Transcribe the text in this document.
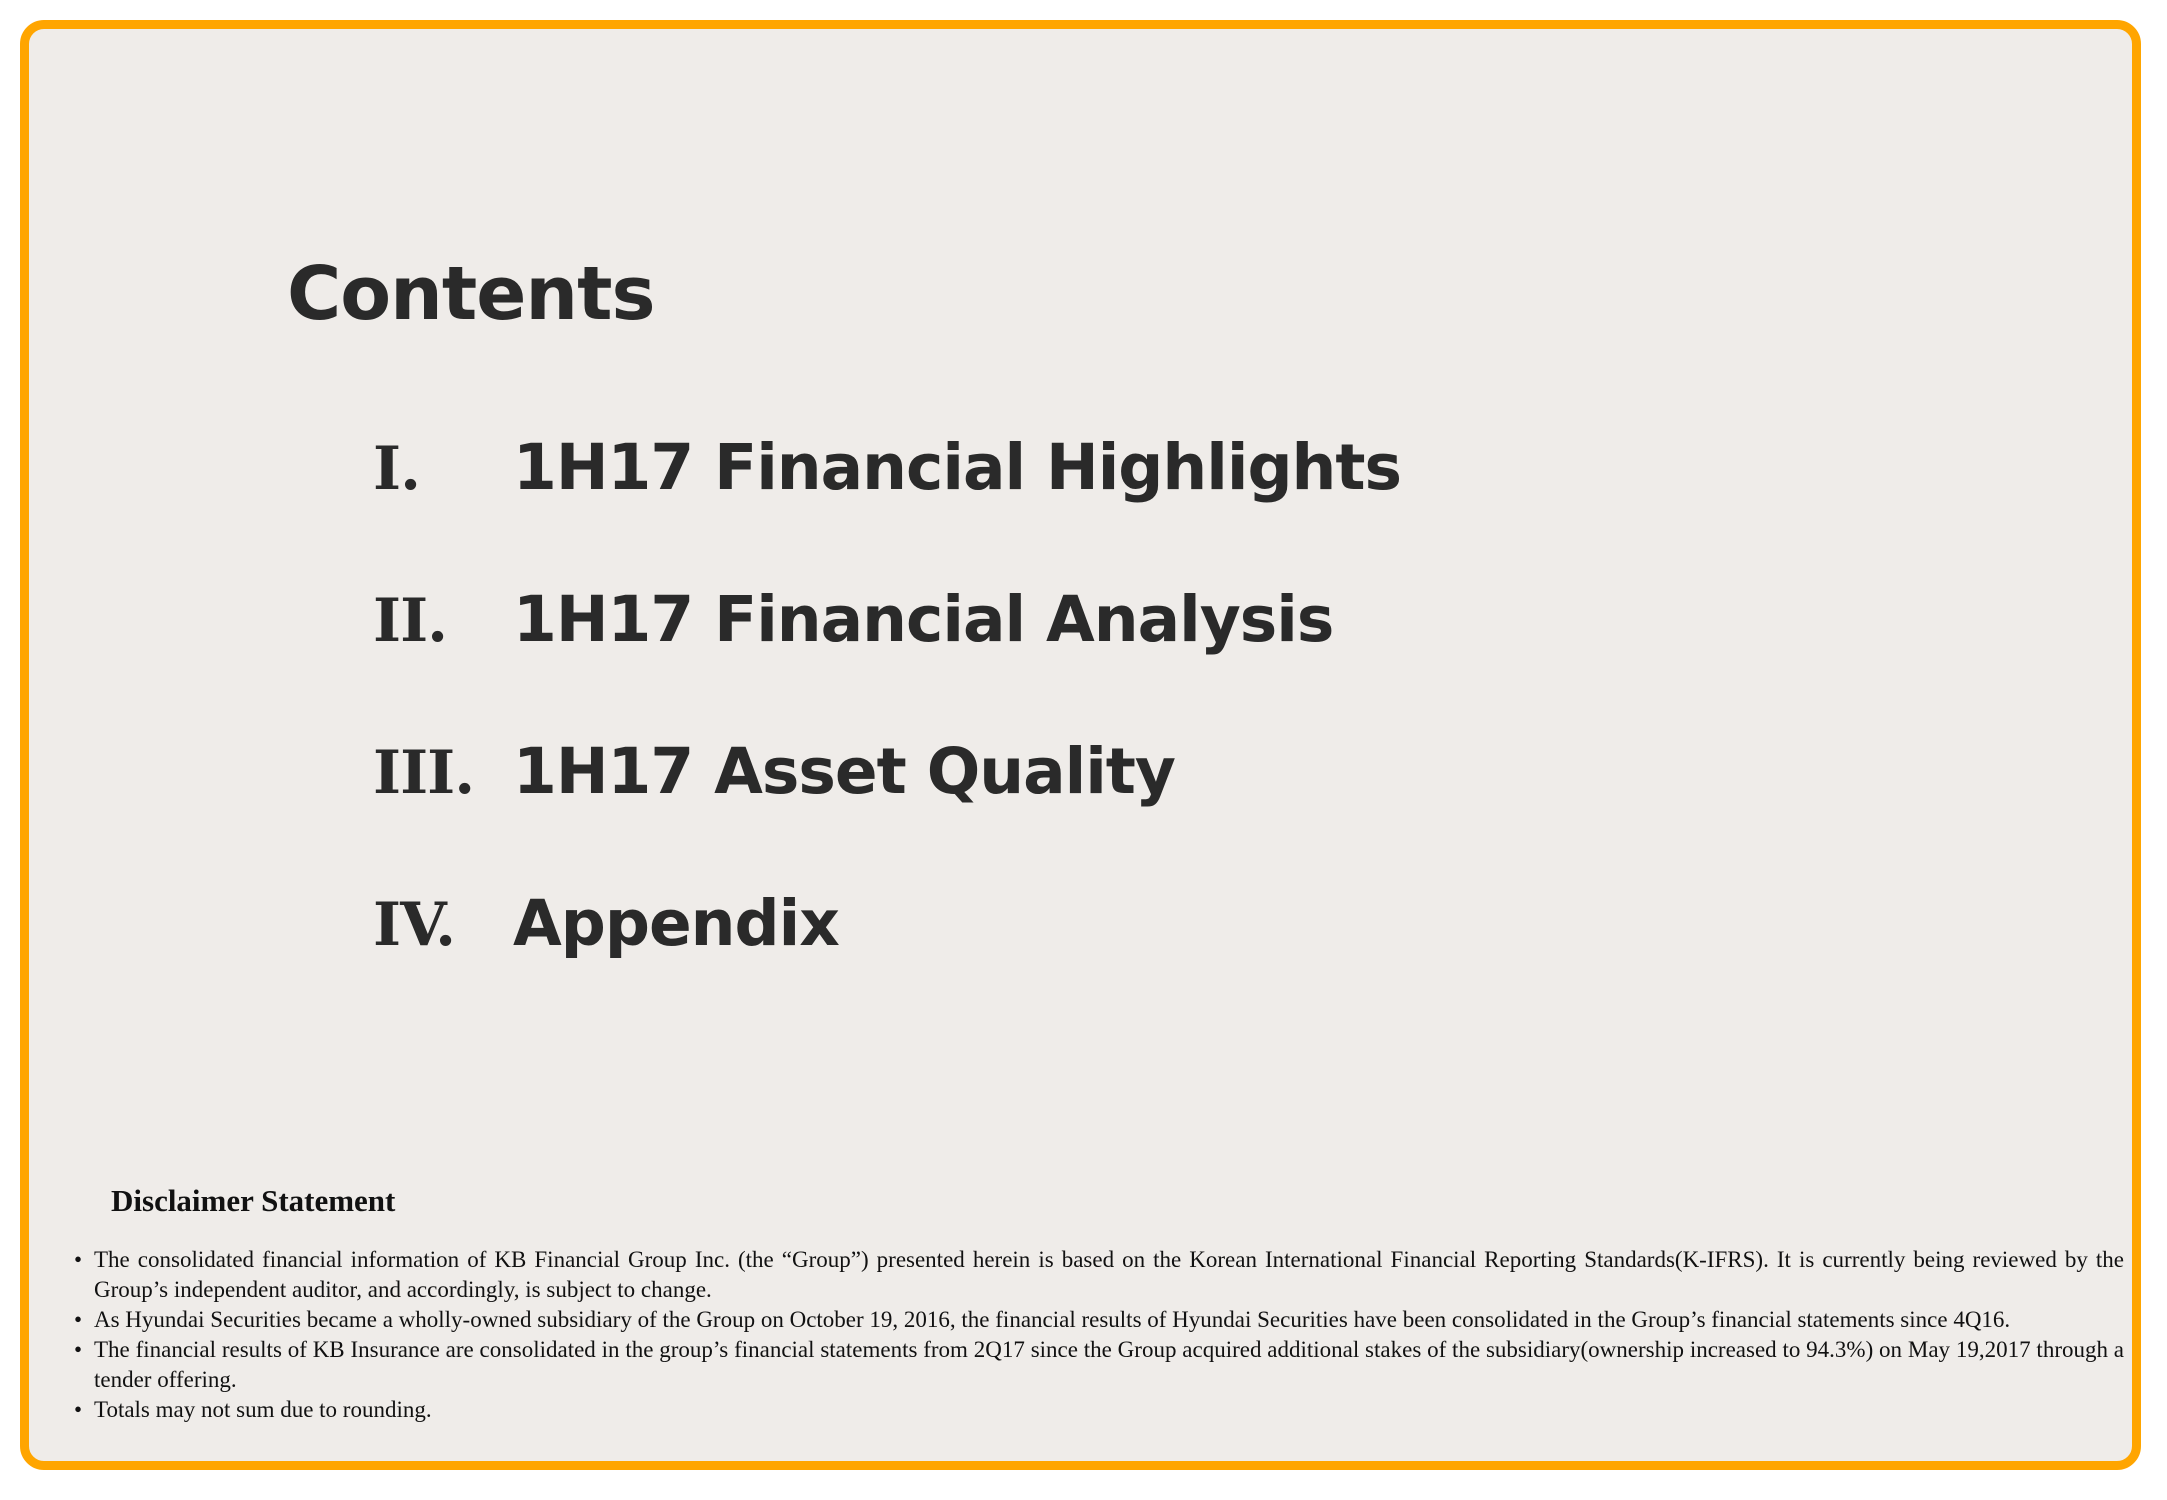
Contents
I.	1H17 Financial Highlights
II.	1H17 Financial Analysis
III. 1H17 Asset Quality
IV. Appendix
Disclaimer Statement
• The consolidated financial information of KB Financial Group Inc. (the “Group”) presented herein is based on the Korean International Financial Reporting Standards(K-IFRS). It is currently being reviewed by the Group’s independent auditor, and accordingly, is subject to change.
• As Hyundai Securities became a wholly-owned subsidiary of the Group on October 19, 2016, the financial results of Hyundai Securities have been consolidated in the Group’s financial statements since 4Q16.
• The financial results of KB Insurance are consolidated in the group’s financial statements from 2Q17 since the Group acquired additional stakes of the subsidiary(ownership increased to 94.3%) on May 19,2017 through a tender offering.
• Totals may not sum due to rounding.
